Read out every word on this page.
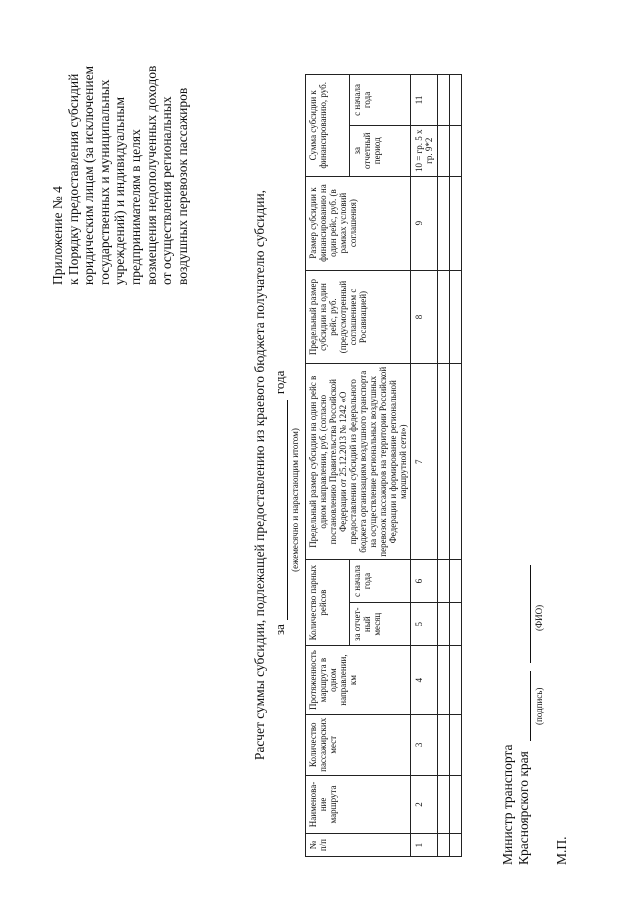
Приложение № 4 к Порядку предоставления субсидий юридическим лицам (за исключением государственных и муниципальных учреждений) и индивидуальным предпринимателям в целях возмещения недополученных доходов от осуществления региональных воздушных перевозок пассажиров
Расчет суммы субсидии, подлежащей предоставлению из краевого бюджета получателю субсидии, загода
(ежемесячно и нарастающим итогом)
№ п/п	Наименова-ние маршрута	Количество пассажирских мест	Протяженность маршрута в одном направлении, км	Количество парных рейсов		Предельный размер субсидии на один рейс в одном направлении, руб. (согласно постановлению Правительства Российской Федерации от 25.12.2013 № 1242 «О предоставлении субсидий из федерального бюджета организациям воздушного транспорта на осуществление региональных воздушных перевозок пассажиров на территории Российской Федерации и формирование региональной маршрутной сети»)	Предельный размер субсидии на один рейс, руб. (предусмотренный соглашением с Росавиацией)	Размер субсидии к финансированию на один рейс, руб. (в рамках условий соглашения)	Сумма субсидии к финансированию, руб.	
				за отчет-ный месяц	с начала года				за отчетный период	с начала года
1	2	3	4	5	6	7	8	9	10 = гр. 5 х гр. 9*2	11

Министр транспорта Красноярского края
(подпись)
(ФИО)
М.П.
